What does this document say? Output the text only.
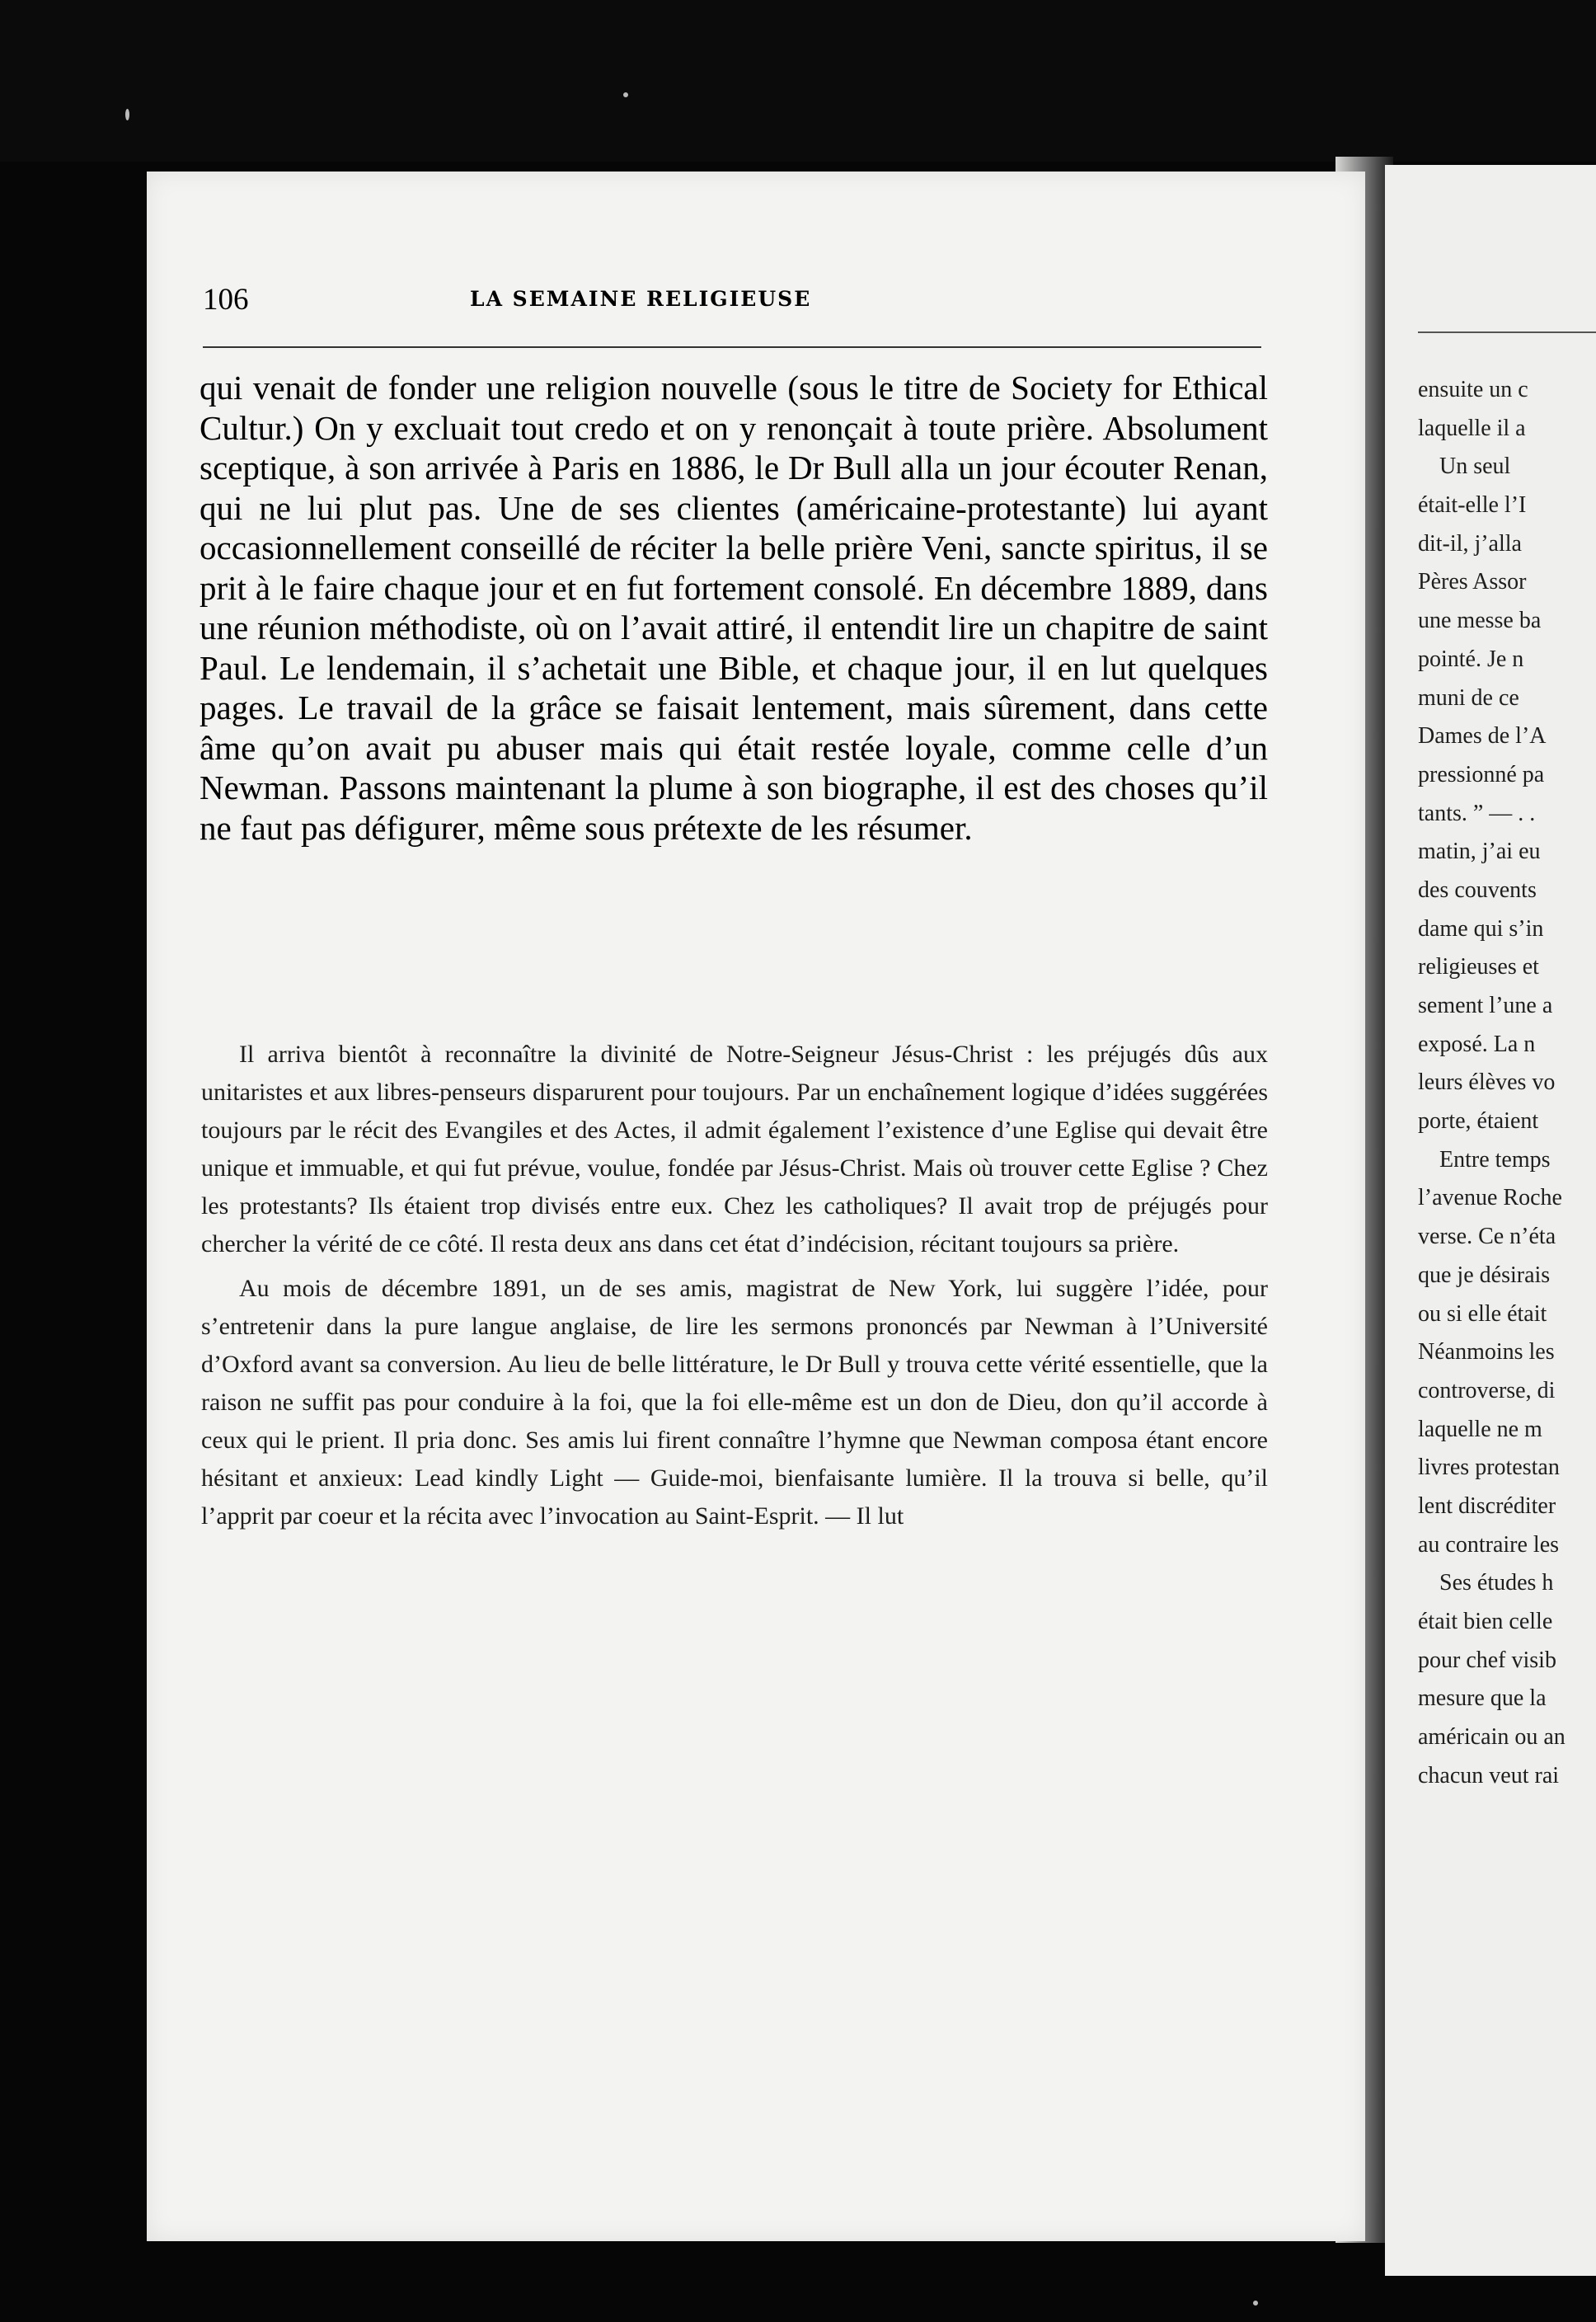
ensuite un c
laquelle il a
Un seul
était-elle l’I
dit-il, j’alla
Pères Assor
une messe ba
pointé. Je n
muni de ce
Dames de l’A
pressionné pa
tants. ” — . .
matin, j’ai eu
des couvents
dame qui s’in
religieuses et
sement l’une a
exposé. La n
leurs élèves vo
porte, étaient
Entre temps
l’avenue Roche
verse. Ce n’éta
que je désirais
ou si elle était
Néanmoins les
controverse, di
laquelle ne m
livres protestan
lent discréditer
au contraire les
Ses études h
était bien celle
pour chef visib
mesure que la
américain ou an
chacun veut rai
106	LA SEMAINE RELIGIEUSE

qui venait de fonder une religion nouvelle (sous le titre de Society for Ethical Cultur.) On y excluait tout credo et on y renonçait à toute prière. Absolument sceptique, à son arrivée à Paris en 1886, le Dr Bull alla un jour écouter Renan, qui ne lui plut pas. Une de ses clientes (américaine-protestante) lui ayant occasionnellement conseillé de réciter la belle prière Veni, sancte spiritus, il se prit à le faire chaque jour et en fut fortement consolé. En décembre 1889, dans une réunion méthodiste, où on l’avait attiré, il entendit lire un chapitre de saint Paul. Le lendemain, il s’achetait une Bible, et chaque jour, il en lut quelques pages. Le travail de la grâce se faisait lentement, mais sûrement, dans cette âme qu’on avait pu abuser mais qui était restée loyale, comme celle d’un Newman. Passons maintenant la plume à son biographe, il est des choses qu’il ne faut pas défigurer, même sous prétexte de les résumer.

Il arriva bientôt à reconnaître la divinité de Notre-Seigneur Jésus-Christ : les préjugés dûs aux unitaristes et aux libres-penseurs disparurent pour toujours. Par un enchaînement logique d’idées suggérées toujours par le récit des Evangiles et des Actes, il admit également l’existence d’une Eglise qui devait être unique et immuable, et qui fut prévue, voulue, fondée par Jésus-Christ. Mais où trouver cette Eglise ? Chez les protestants? Ils étaient trop divisés entre eux. Chez les catholiques? Il avait trop de préjugés pour chercher la vérité de ce côté. Il resta deux ans dans cet état d’indécision, récitant toujours sa prière.

Au mois de décembre 1891, un de ses amis, magistrat de New York, lui suggère l’idée, pour s’entretenir dans la pure langue anglaise, de lire les sermons prononcés par Newman à l’Université d’Oxford avant sa conversion. Au lieu de belle littérature, le Dr Bull y trouva cette vérité essentielle, que la raison ne suffit pas pour conduire à la foi, que la foi elle-même est un don de Dieu, don qu’il accorde à ceux qui le prient. Il pria donc. Ses amis lui firent connaître l’hymne que Newman composa étant encore hésitant et anxieux: Lead kindly Light — Guide-moi, bienfaisante lumière. Il la trouva si belle, qu’il l’apprit par coeur et la récita avec l’invocation au Saint-Esprit. — Il lut
